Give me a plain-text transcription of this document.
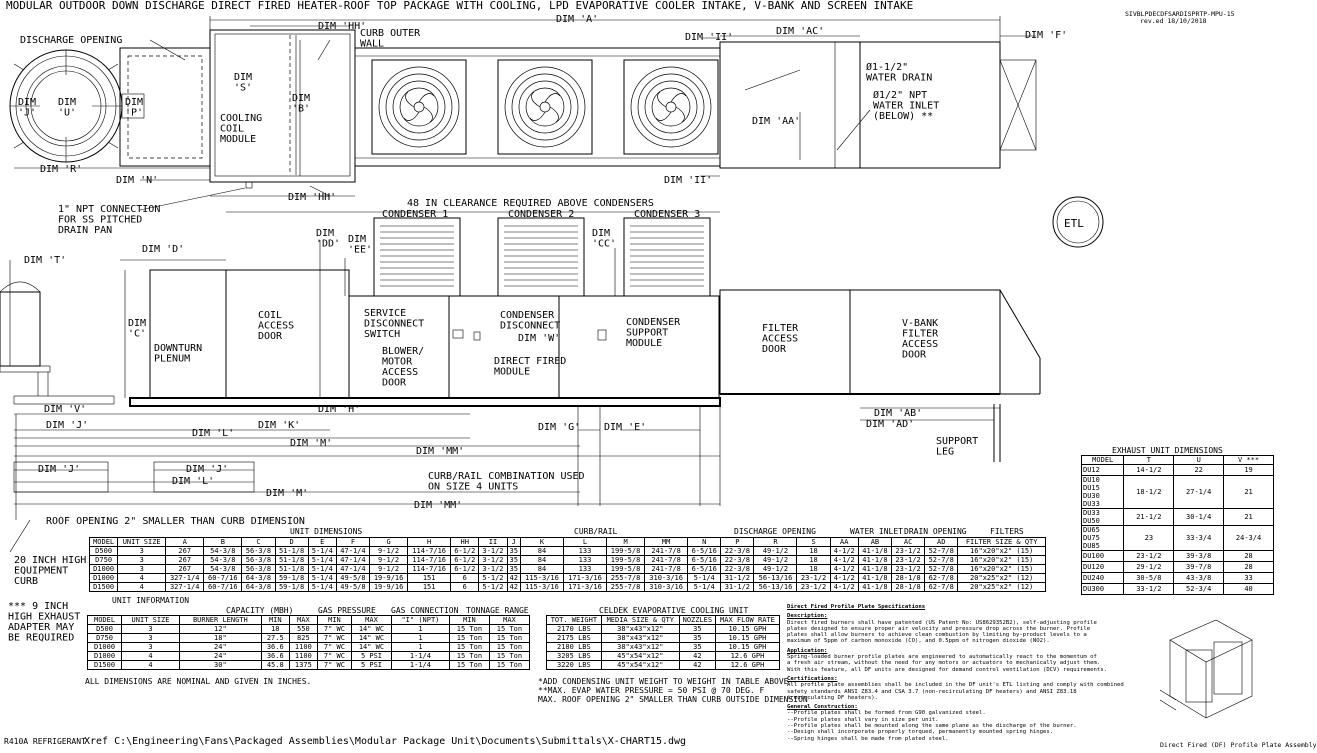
MODULAR OUTDOOR DOWN DISCHARGE DIRECT FIRED HEATER-ROOF TOP PACKAGE WITH COOLING, LPD EVAPORATIVE COOLER INTAKE, V-BANK AND SCREEN INTAKE
SIVBLPDECDFSARDISPRTP-MPU-15
rev.ed 18/10/2018
DISCHARGE OPENING
DIM 'J'
DIM 'U'
DIM 'S'
DIM 'P'
DIM 'R'
DIM 'N'
DIM 'HH'
DIM 'HH'
CURB OUTER WALL
DIM 'B'
COOLING COIL MODULE
DIM 'A'
DIM 'II'
DIM 'AC'	DIM 'F'
Ø1-1/2" WATER DRAIN
Ø1/2" NPT WATER INLET (BELOW) **
DIM 'AA'
DIM 'II'
1" NPT CONNECTION FOR SS PITCHED DRAIN PAN
ETL
48 IN CLEARANCE REQUIRED ABOVE CONDENSERS
CONDENSER 1	CONDENSER 2	CONDENSER 3
DIM 'T'
DIM 'D'
DIM 'C'
DIM 'DD' DIM 'EE'
DIM 'CC'
DOWNTURN PLENUM
COIL ACCESS DOOR
SERVICE DISCONNECT SWITCH
BLOWER/ MOTOR ACCESS DOOR
CONDENSER DISCONNECT
DIM 'W'
DIRECT FIRED MODULE
CONDENSER SUPPORT MODULE
FILTER ACCESS DOOR
V-BANK FILTER ACCESS DOOR
DIM 'V'	DIM 'H'
DIM 'J'	DIM 'K'
DIM 'L'
DIM 'M'
DIM 'G' DIM 'E'
DIM 'MM'
DIM 'AB'
DIM 'AD'
SUPPORT LEG
DIM 'J'	DIM 'J'
DIM 'L'
DIM 'M'
DIM 'MM'
CURB/RAIL COMBINATION USED ON SIZE 4 UNITS
ROOF OPENING 2" SMALLER THAN CURB DIMENSION
20 INCH HIGH EQUIPMENT CURB
*** 9 INCH HIGH EXHAUST ADAPTER MAY BE REQUIRED
R410A REFRIGERANT
Xref C:\Engineering\Fans\Packaged Assemblies\Modular Package Unit\Documents\Submittals\X-CHART15.dwg
UNIT DIMENSIONS	CURB/RAIL	DISCHARGE OPENING	WATER INLET DRAIN OPENING	FILTERS
MODEL	UNIT SIZE	A	B	C	D	E	F	G	H	HH	II	J	K	L	M	MM	N	P	R	S	AA	AB	AC	AD	FILTER SIZE & QTY
D500	3	267	54-3/8	56-3/8	51-1/8	5-1/4	47-1/4	9-1/2	114-7/16	6-1/2	3-1/2	35	84	133	199-5/8	241-7/8	6-5/16	22-3/8	49-1/2	18	4-1/2	41-1/8	23-1/2	52-7/8	16"x20"x2" (15)
D750	3	267	54-3/8	56-3/8	51-1/8	5-1/4	47-1/4	9-1/2	114-7/16	6-1/2	3-1/2	35	84	133	199-5/8	241-7/8	6-5/16	22-3/8	49-1/2	18	4-1/2	41-1/8	23-1/2	52-7/8	16"x20"x2" (15)
D1000	3	267	54-3/8	56-3/8	51-1/8	5-1/4	47-1/4	9-1/2	114-7/16	6-1/2	3-1/2	35	84	133	199-5/8	241-7/8	6-5/16	22-3/8	49-1/2	18	4-1/2	41-1/8	23-1/2	52-7/8	16"x20"x2" (15)
D1000	4	327-1/4	60-7/16	64-3/8	59-1/8	5-1/4	49-5/8	19-9/16	151	6	5-1/2	42	115-3/16	171-3/16	255-7/8	310-3/16	5-1/4	31-1/2	56-13/16	23-1/2	4-1/2	41-1/8	28-1/8	62-7/8	20"x25"x2" (12)
D1500	4	327-1/4	60-7/16	64-3/8	59-1/8	5-1/4	49-5/8	19-9/16	151	6	5-1/2	42	115-3/16	171-3/16	255-7/8	310-3/16	5-1/4	31-1/2	56-13/16	23-1/2	4-1/2	41-1/8	28-1/8	62-7/8	20"x25"x2" (12)
UNIT INFORMATION
CAPACITY (MBH)	GAS PRESSURE GAS CONNECTION TONNAGE RANGE
MODEL	UNIT SIZE	BURNER LENGTH	MIN	MAX	MIN	MAX	"I" (NPT)	MIN	MAX
D500	3	12"	18	550	7" WC	14" WC	1	15 Ton	15 Ton
D750	3	18"	27.5	825	7" WC	14" WC	1	15 Ton	15 Ton
D1000	3	24"	36.6	1100	7" WC	14" WC	1	15 Ton	15 Ton
D1000	4	24"	36.6	1100	7" WC	5 PSI	1-1/4	15 Ton	15 Ton
D1500	4	30"	45.8	1375	7" WC	5 PSI	1-1/4	15 Ton	15 Ton
ALL DIMENSIONS ARE NOMINAL AND GIVEN IN INCHES.
CELDEK EVAPORATIVE COOLING UNIT
TOT. WEIGHT	MEDIA SIZE & QTY	NOZZLES	MAX FLOW RATE
2170 LBS	38"x43"x12"	35	10.15 GPH
2175 LBS	38"x43"x12"	35	10.15 GPH
2180 LBS	38"x43"x12"	35	10.15 GPH
3205 LBS	45"x54"x12"	42	12.6 GPH
3220 LBS	45"x54"x12"	42	12.6 GPH
*ADD CONDENSING UNIT WEIGHT TO WEIGHT IN TABLE ABOVE
**MAX. EVAP WATER PRESSURE = 50 PSI @ 70 DEG. F
MAX. ROOF OPENING 2" SMALLER THAN CURB OUTSIDE DIMENSION
EXHAUST UNIT DIMENSIONS
MODEL	T	U	V ***

DU12	14-1/2	22	19

DU10
DU15
DU30
DU33	18-1/2	27-1/4	21

DU33
DU50	21-1/2	30-1/4	21

DU65
DU75
DU85	23	33-3/4	24-3/4

DU100	23-1/2	39-3/8	28

DU120	29-1/2	39-7/8	28

DU240	30-5/8	43-3/8	33

DU300	33-1/2	52-3/4	40
Direct Fired Profile Plate Specifications
Description:
Direct fired burners shall have patented (US Patent No: US8629352B2), self-adjusting profile
plates designed to ensure proper air velocity and pressure drop across the burner. Profile
plates shall allow burners to achieve clean combustion by limiting by-product levels to a
maximum of 5ppm of carbon monoxide (CO), and 0.5ppm of nitrogen dioxide (NO2).
Application:
Spring-loaded burner profile plates are engineered to automatically react to the momentum of
a fresh air stream, without the need for any motors or actuators to mechanically adjust them.
With this feature, all DF units are designed for demand control ventilation (DCV) requirements.
Certifications:
All profile plate assemblies shall be included in the DF unit's ETL listing and comply with combined
safety standards ANSI Z83.4 and CSA 3.7 (non-recirculating DF heaters) and ANSI Z83.18
(recirculating DF heaters).
General Construction:
--Profile plates shall be formed from G90 galvanized steel.
--Profile plates shall vary in size per unit.
--Profile plates shall be mounted along the same plane as the discharge of the burner.
--Design shall incorporate properly torqued, permanently mounted spring hinges.
--Spring hinges shall be made from plated steel.
Direct Fired (DF) Profile Plate Assembly
